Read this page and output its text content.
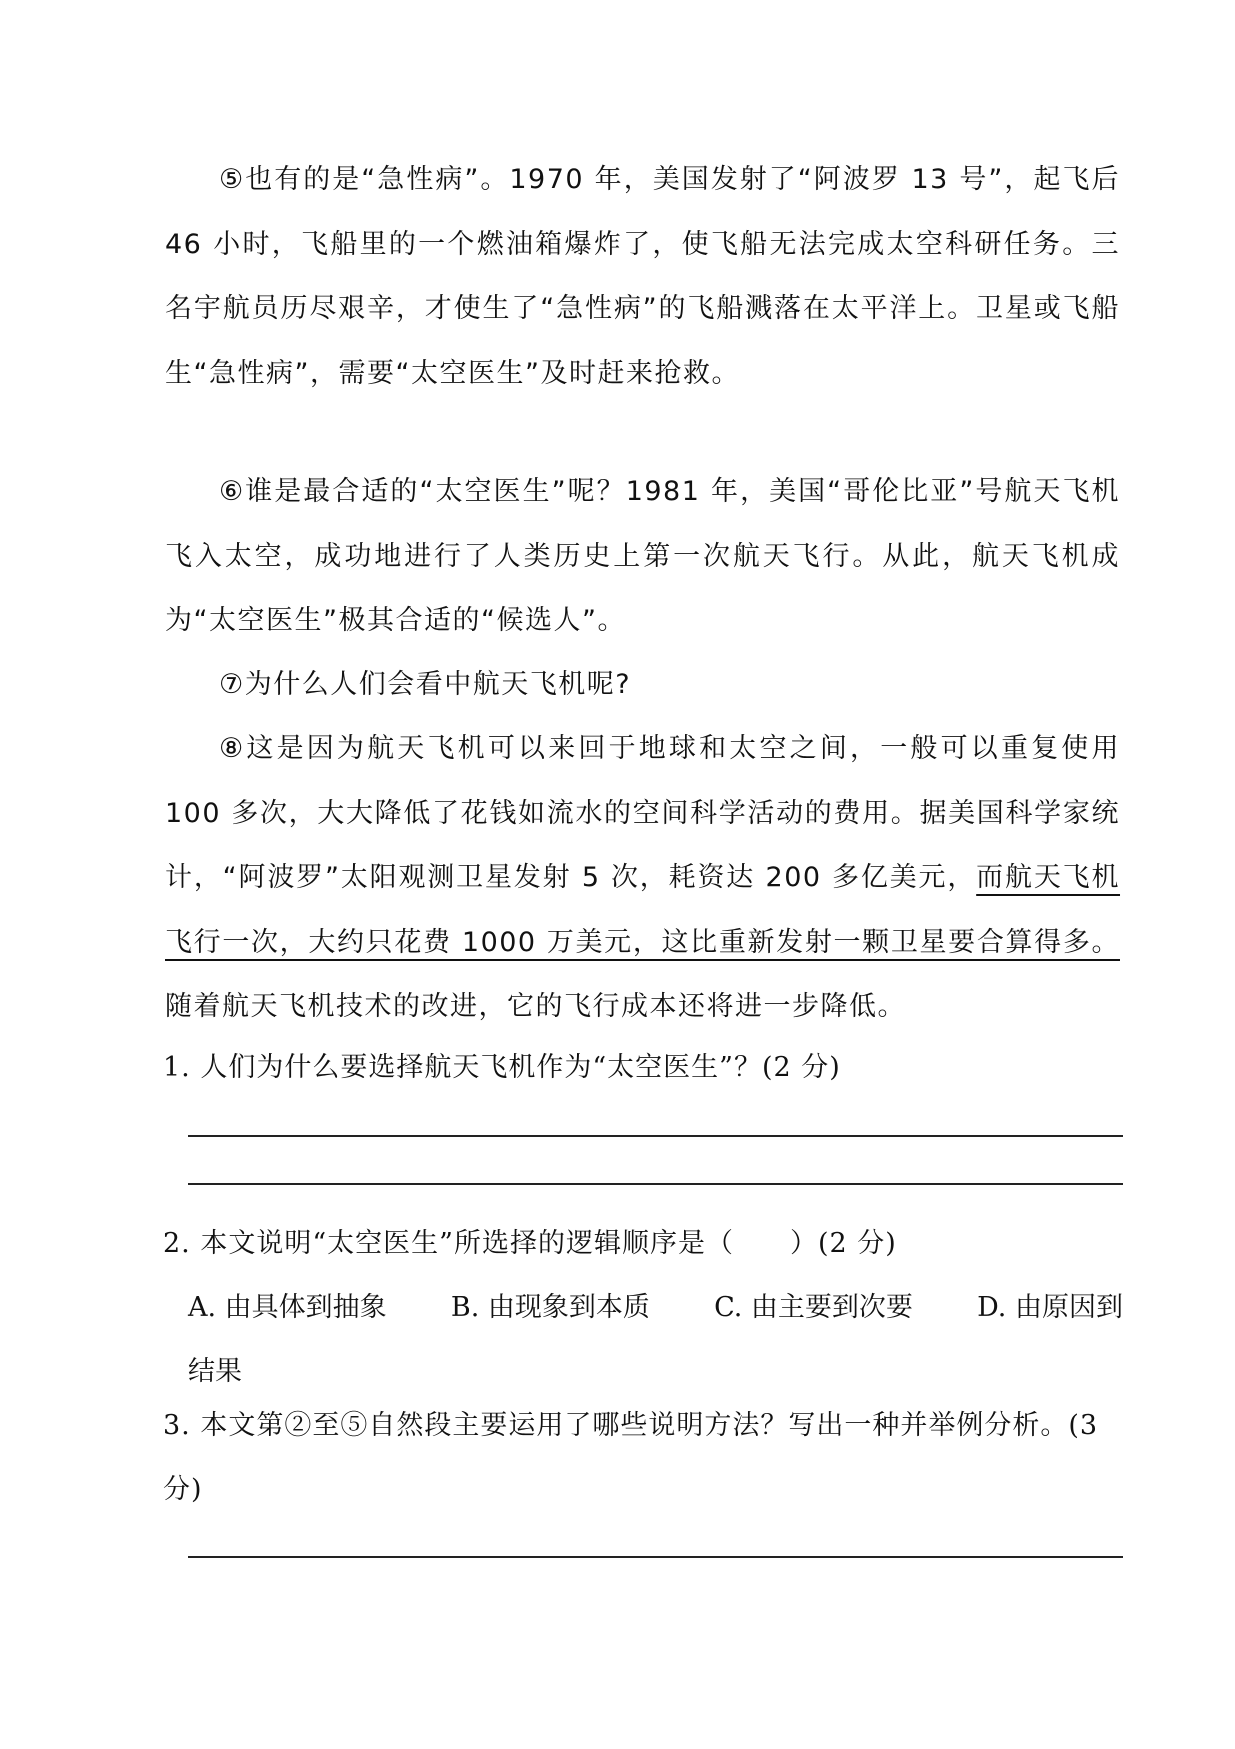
⑤也有的是“急性病”。1970 年，美国发射了“阿波罗 13 号”，起飞后 46 小时，飞船里的一个燃油箱爆炸了，使飞船无法完成太空科研任务。三名宇航员历尽艰辛，才使生了“急性病”的飞船溅落在太平洋上。卫星或飞船生“急性病”，需要“太空医生”及时赶来抢救。

⑥谁是最合适的“太空医生”呢？1981 年，美国“哥伦比亚”号航天飞机飞入太空，成功地进行了人类历史上第一次航天飞行。从此，航天飞机成为“太空医生”极其合适的“候选人”。

⑦为什么人们会看中航天飞机呢?

⑧这是因为航天飞机可以来回于地球和太空之间，一般可以重复使用 100 多次，大大降低了花钱如流水的空间科学活动的费用。据美国科学家统计，“阿波罗”太阳观测卫星发射 5 次，耗资达 200 多亿美元，而航天飞机飞行一次，大约只花费 1000 万美元，这比重新发射一颗卫星要合算得多。随着航天飞机技术的改进，它的飞行成本还将进一步降低。

1. 人们为什么要选择航天飞机作为“太空医生”？(2 分)

2. 本文说明“太空医生”所选择的逻辑顺序是（　　）(2 分)

A. 由具体到抽象 B. 由现象到本质 C. 由主要到次要 D. 由原因到
结果

3. 本文第②至⑤自然段主要运用了哪些说明方法？写出一种并举例分析。(3 分)
